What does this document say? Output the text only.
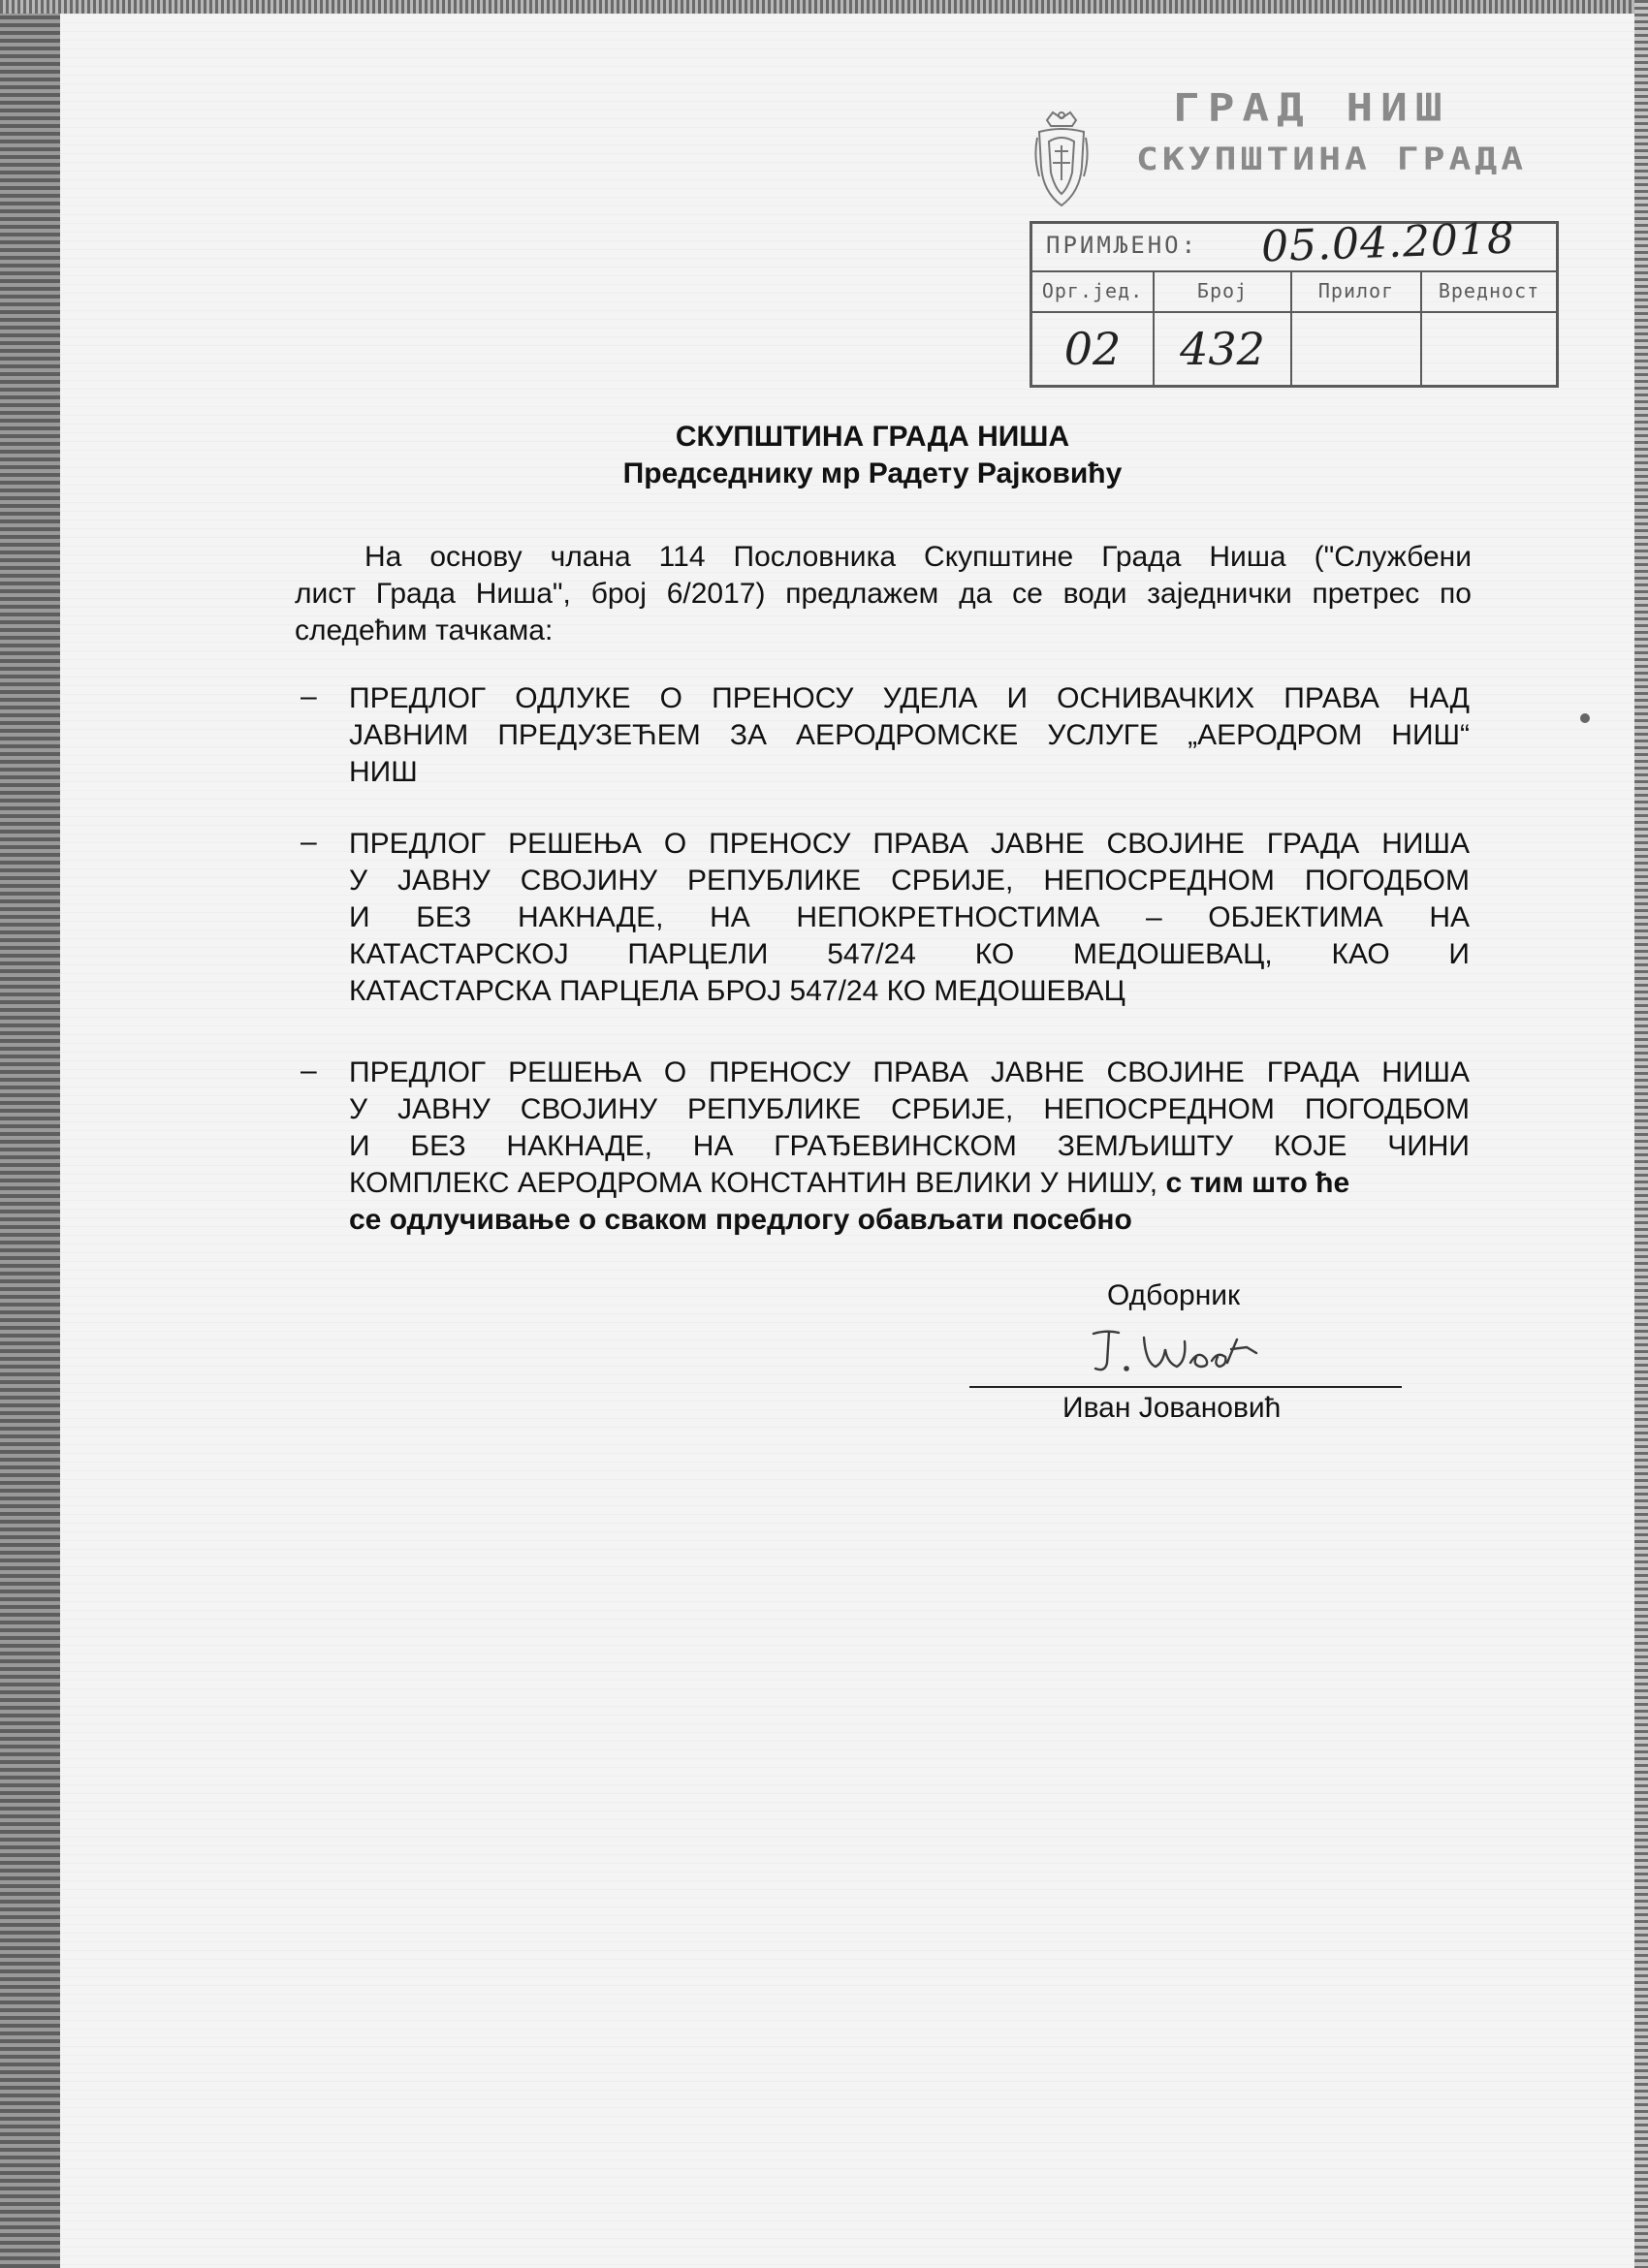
ГРАД НИШ
СКУПШТИНА ГРАДА
ПРИМЉЕНО: 05.04.2018
Орг.јед.
02
Број
432
Прилог	Вредност
СКУПШТИНА ГРАДА НИША
Председнику мр Радету Рајковићу
На основу члана 114 Пословника Скупштине Града Ниша ("Службени
лист Града Ниша", број 6/2017) предлажем да се води заједнички претрес по
следећим тачкама:
– ПРЕДЛОГ ОДЛУКЕ О ПРЕНОСУ УДЕЛА И ОСНИВАЧКИХ ПРАВА НАД
ЈАВНИМ ПРЕДУЗЕЋЕМ ЗА АЕРОДРОМСКЕ УСЛУГЕ „АЕРОДРОМ НИШ“
НИШ
– ПРЕДЛОГ РЕШЕЊА О ПРЕНОСУ ПРАВА ЈАВНЕ СВОЈИНЕ ГРАДА НИША
У ЈАВНУ СВОЈИНУ РЕПУБЛИКЕ СРБИЈЕ, НЕПОСРЕДНОМ ПОГОДБОМ
И БЕЗ НАКНАДЕ, НА НЕПОКРЕТНОСТИМА – ОБЈЕКТИМА НА
КАТАСТАРСКОЈ ПАРЦЕЛИ 547/24 КО МЕДОШЕВАЦ, КАО И
КАТАСТАРСКА ПАРЦЕЛА БРОЈ 547/24 КО МЕДОШЕВАЦ
– ПРЕДЛОГ РЕШЕЊА О ПРЕНОСУ ПРАВА ЈАВНЕ СВОЈИНЕ ГРАДА НИША
У ЈАВНУ СВОЈИНУ РЕПУБЛИКЕ СРБИЈЕ, НЕПОСРЕДНОМ ПОГОДБОМ
И БЕЗ НАКНАДЕ, НА ГРАЂЕВИНСКОМ ЗЕМЉИШТУ КОЈЕ ЧИНИ
КОМПЛЕКС АЕРОДРОМА КОНСТАНТИН ВЕЛИКИ У НИШУ, с тим што ће
се одлучивање о сваком предлогу обављати посебно
Одборник
Иван Јовановић
